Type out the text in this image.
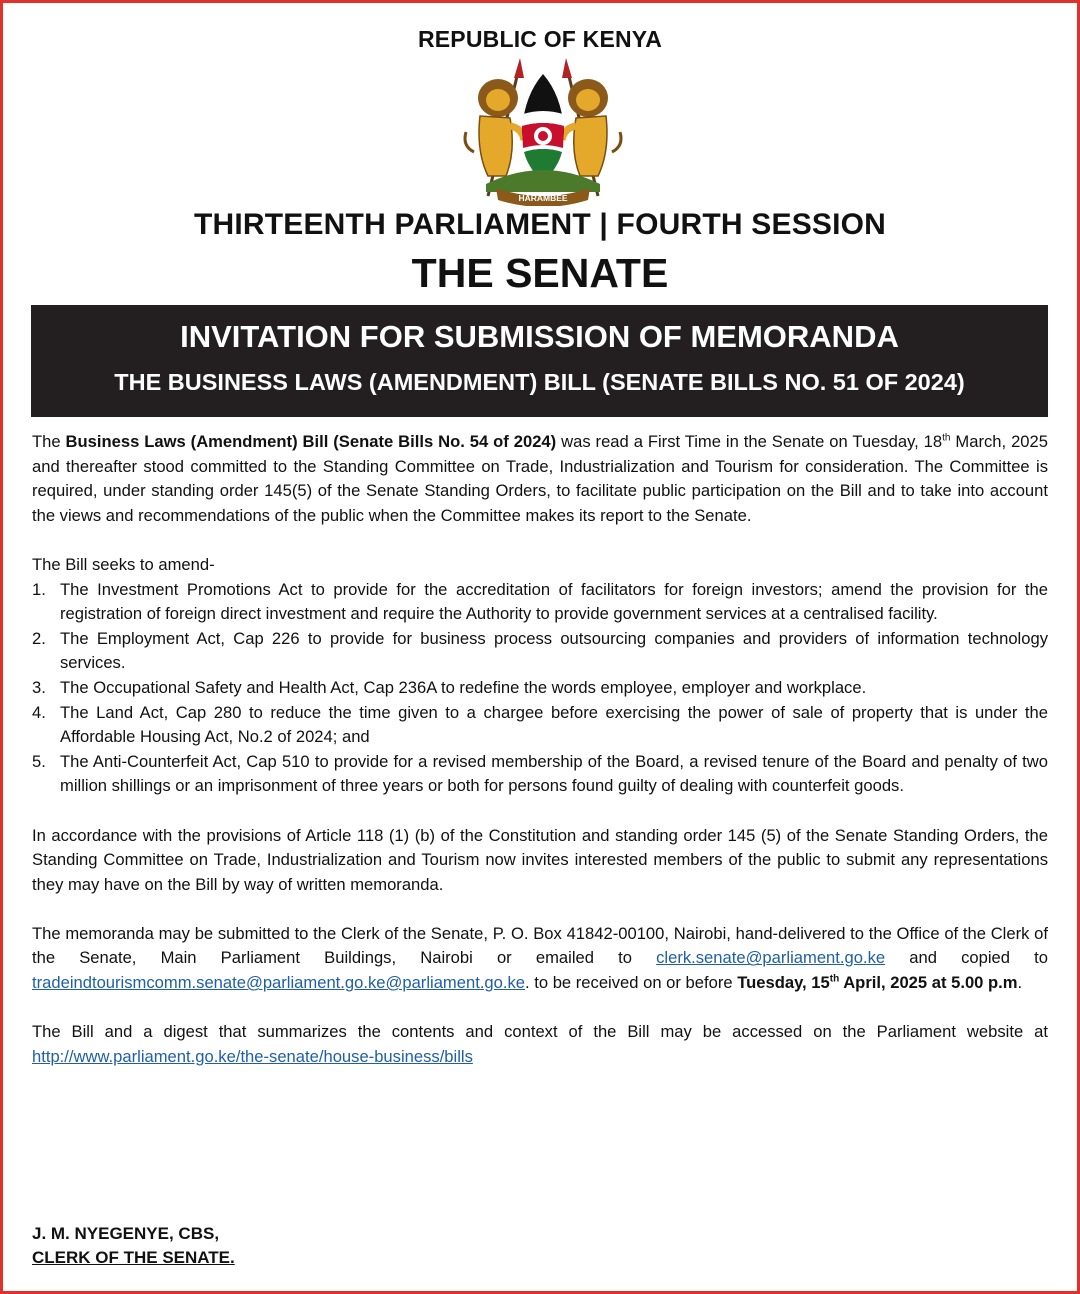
REPUBLIC OF KENYA
HARAMBEE
THIRTEENTH PARLIAMENT | FOURTH SESSION
THE SENATE
INVITATION FOR SUBMISSION OF MEMORANDA
THE BUSINESS LAWS (AMENDMENT) BILL (SENATE BILLS NO. 51 OF 2024)

The Business Laws (Amendment) Bill (Senate Bills No. 54 of 2024) was read a First Time in the Senate on Tuesday, 18th March, 2025 and thereafter stood committed to the Standing Committee on Trade, Industrialization and Tourism for consideration. The Committee is required, under standing order 145(5) of the Senate Standing Orders, to facilitate public participation on the Bill and to take into account the views and recommendations of the public when the Committee makes its report to the Senate.

The Bill seeks to amend-

1. The Investment Promotions Act to provide for the accreditation of facilitators for foreign investors; amend the provision for the registration of foreign direct investment and require the Authority to provide government services at a centralised facility.
2. The Employment Act, Cap 226 to provide for business process outsourcing companies and providers of information technology services.
3. The Occupational Safety and Health Act, Cap 236A to redefine the words employee, employer and workplace.
4. The Land Act, Cap 280 to reduce the time given to a chargee before exercising the power of sale of property that is under the Affordable Housing Act, No.2 of 2024; and
5. The Anti-Counterfeit Act, Cap 510 to provide for a revised membership of the Board, a revised tenure of the Board and penalty of two million shillings or an imprisonment of three years or both for persons found guilty of dealing with counterfeit goods.

In accordance with the provisions of Article 118 (1) (b) of the Constitution and standing order 145 (5) of the Senate Standing Orders, the Standing Committee on Trade, Industrialization and Tourism now invites interested members of the public to submit any representations they may have on the Bill by way of written memoranda.

The memoranda may be submitted to the Clerk of the Senate, P. O. Box 41842-00100, Nairobi, hand-delivered to the Office of the Clerk of the Senate, Main Parliament Buildings, Nairobi or emailed to clerk.senate@parliament.go.ke and copied to tradeindtourismcomm.senate@parliament.go.ke@parliament.go.ke. to be received on or before Tuesday, 15th April, 2025 at 5.00 p.m.

The Bill and a digest that summarizes the contents and context of the Bill may be accessed on the Parliament website at http://www.parliament.go.ke/the-senate/house-business/bills

J. M. NYEGENYE, CBS,
CLERK OF THE SENATE.
